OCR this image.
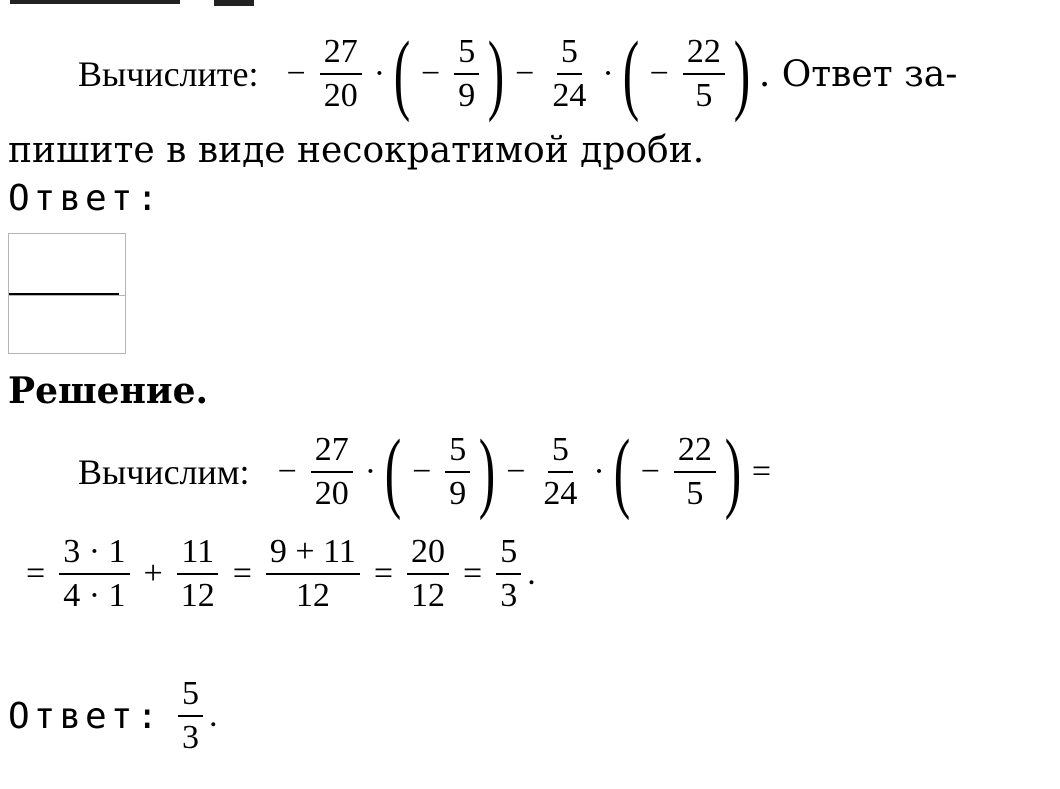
Вычислите: − $\frac{27}{20}$ · ( − $\frac{5}{9}$ ) − $\frac{5}{24}$ · ( − $\frac{22}{5}$ ) . Ответ за-
пишите в виде несократимой дроби.
Ответ:
Решение.
Вычислим: − $\frac{27}{20}$ · ( − $\frac{5}{9}$ ) − $\frac{5}{24}$ · ( − $\frac{22}{5}$ ) =
= $\frac{3 \cdot 1}{4 \cdot 1} + \frac{11}{12} = \frac{9 + 11}{12} = \frac{20}{12} = \frac{5}{3}$ .
Ответ: $\frac{5}{3}$ .
